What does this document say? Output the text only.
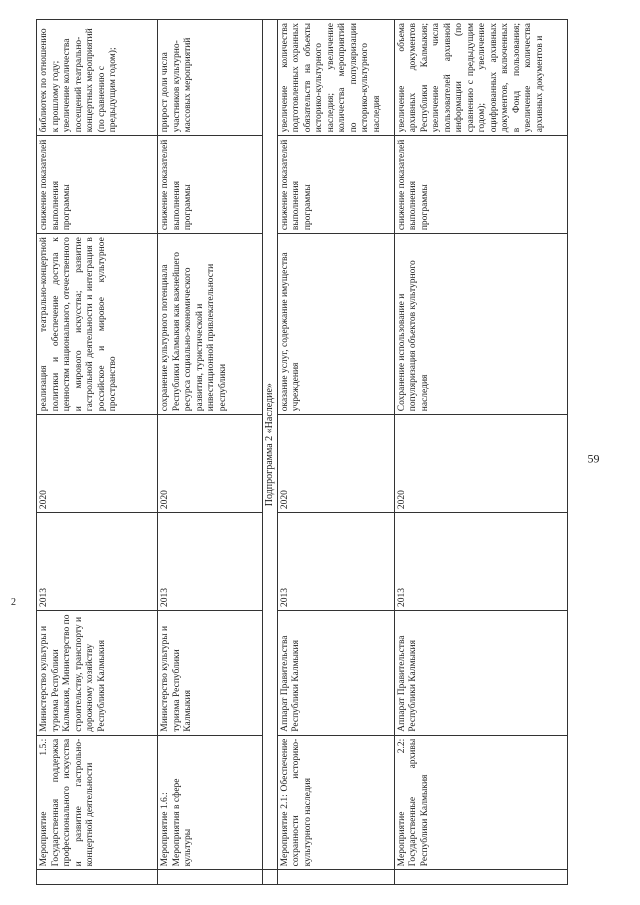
2
	Мероприятие 1.5.: Государственная поддержка профессионального искусства и развитие гастрольно-концертной деятельности	Министерство культуры и туризма Республики Калмыкия, Министерство по строительству, транспорту и дорожному хозяйству Республики Калмыкия	2013	2020	реализация театрально-концертной политики и обеспечение доступа к ценностям национального, отечественного и мирового искусства; развитие гастрольной деятельности и интеграция в российское и мировое культурное пространство	снижение показателей выполнения программы	библиотек по отношению к прошлому году; увеличение количества посещений театрально-концертных мероприятий (по сравнению с предыдущим годом);
	Мероприятие 1.6.: Мероприятия в сфере культуры	Министерство культуры и туризма Республики Калмыкия	2013	2020	сохранение культурного потенциала Республики Калмыкия как важнейшего ресурса социально-экономического развития, туристической и инвестиционной привлекательности республики	снижение показателей выполнения программы	прирост доли числа участников культурно-массовых мероприятий
	Подпрограмма 2 «Наследие»						
	Мероприятие 2.1: Обеспечение сохранности историко-культурного наследия	Аппарат Правительства Республики Калмыкия	2013	2020	оказание услуг, содержание имущества учреждения	снижение показателей выполнения программы	увеличение количества подготовленных охранных обязательств на объекты историко-культурного наследия; увеличение количества мероприятий по популяризации историко-культурного наследия
	Мероприятие 2.2: Государственные архивы Республики Калмыкия	Аппарат Правительства Республики Калмыкия	2013	2020	Сохранение использование и популяризация объектов культурного наследия	снижение показателей выполнения программы	увеличение объема архивных документов Республики Калмыкия; увеличение числа пользователей архивной информации (по сравнению с предыдущим годом); увеличение оцифрованных архивных документов, включенных в Фонд пользования; увеличение количества архивных документов и
59
